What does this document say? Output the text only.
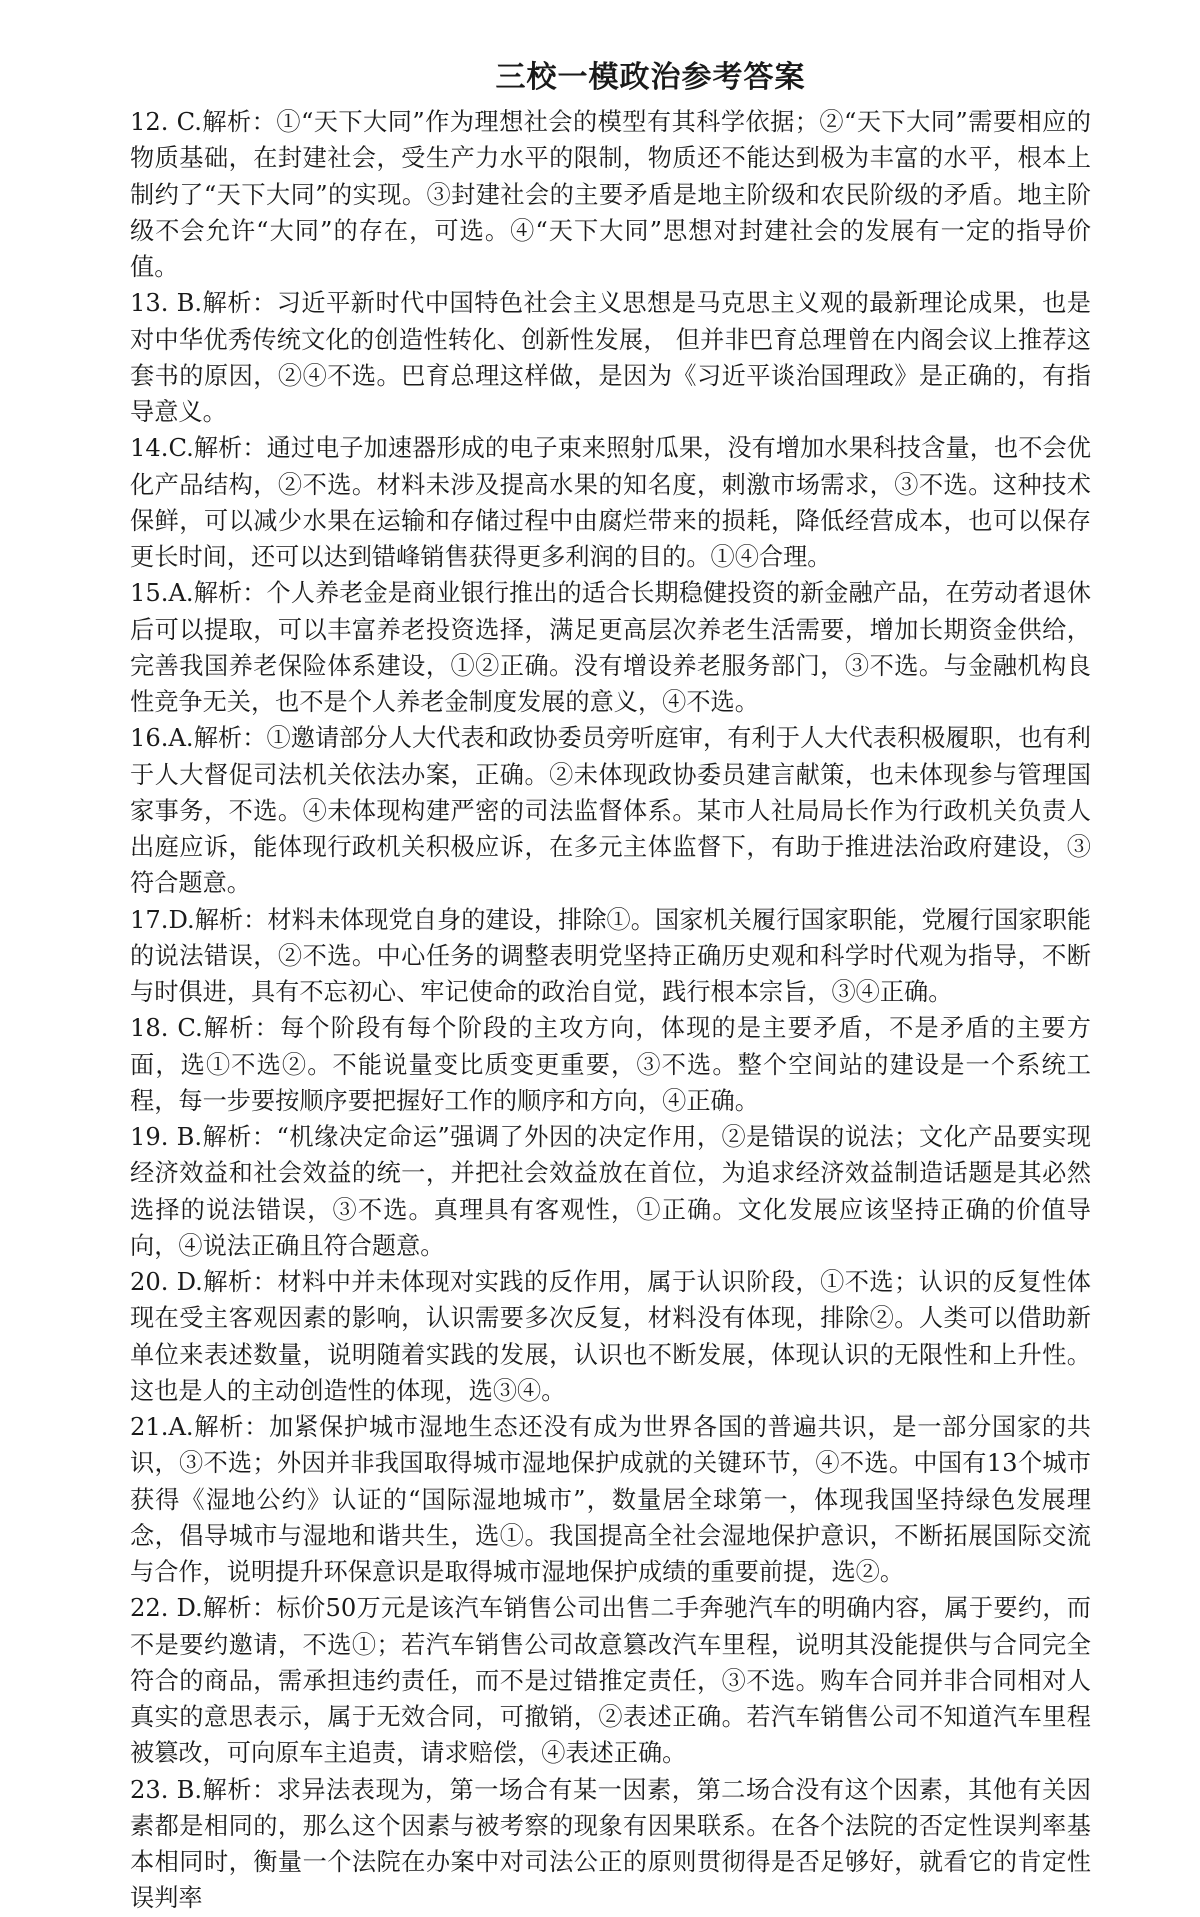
三校一模政治参考答案

12. C.解析：①“天下大同”作为理想社会的模型有其科学依据；②“天下大同”需要相应的物质基础，在封建社会，受生产力水平的限制，物质还不能达到极为丰富的水平，根本上制约了“天下大同”的实现。③封建社会的主要矛盾是地主阶级和农民阶级的矛盾。地主阶级不会允许“大同”的存在，可选。④“天下大同”思想对封建社会的发展有一定的指导价值。

13. B.解析：习近平新时代中国特色社会主义思想是马克思主义观的最新理论成果，也是对中华优秀传统文化的创造性转化、创新性发展， 但并非巴育总理曾在内阁会议上推荐这套书的原因，②④不选。巴育总理这样做，是因为《习近平谈治国理政》是正确的，有指导意义。

14.C.解析：通过电子加速器形成的电子束来照射瓜果，没有增加水果科技含量，也不会优化产品结构，②不选。材料未涉及提高水果的知名度，刺激市场需求，③不选。这种技术保鲜，可以减少水果在运输和存储过程中由腐烂带来的损耗，降低经营成本，也可以保存更长时间，还可以达到错峰销售获得更多利润的目的。①④合理。

15.A.解析：个人养老金是商业银行推出的适合长期稳健投资的新金融产品，在劳动者退休后可以提取，可以丰富养老投资选择，满足更高层次养老生活需要，增加长期资金供给， 完善我国养老保险体系建设，①②正确。没有增设养老服务部门，③不选。与金融机构良性竞争无关，也不是个人养老金制度发展的意义，④不选。

16.A.解析：①邀请部分人大代表和政协委员旁听庭审，有利于人大代表积极履职，也有利于人大督促司法机关依法办案，正确。②未体现政协委员建言献策，也未体现参与管理国家事务，不选。④未体现构建严密的司法监督体系。某市人社局局长作为行政机关负责人出庭应诉，能体现行政机关积极应诉，在多元主体监督下，有助于推进法治政府建设，③符合题意。

17.D.解析：材料未体现党自身的建设，排除①。国家机关履行国家职能，党履行国家职能的说法错误，②不选。中心任务的调整表明党坚持正确历史观和科学时代观为指导，不断与时俱进，具有不忘初心、牢记使命的政治自觉，践行根本宗旨，③④正确。

18. C.解析：每个阶段有每个阶段的主攻方向，体现的是主要矛盾，不是矛盾的主要方面，选①不选②。不能说量变比质变更重要，③不选。整个空间站的建设是一个系统工程，每一步要按顺序要把握好工作的顺序和方向，④正确。

19. B.解析：“机缘决定命运”强调了外因的决定作用，②是错误的说法；文化产品要实现经济效益和社会效益的统一，并把社会效益放在首位，为追求经济效益制造话题是其必然选择的说法错误，③不选。真理具有客观性，①正确。文化发展应该坚持正确的价值导向，④说法正确且符合题意。

20. D.解析：材料中并未体现对实践的反作用，属于认识阶段，①不选；认识的反复性体现在受主客观因素的影响，认识需要多次反复，材料没有体现，排除②。人类可以借助新单位来表述数量，说明随着实践的发展，认识也不断发展，体现认识的无限性和上升性。这也是人的主动创造性的体现，选③④。

21.A.解析：加紧保护城市湿地生态还没有成为世界各国的普遍共识，是一部分国家的共识，③不选；外因并非我国取得城市湿地保护成就的关键环节，④不选。中国有13个城市获得《湿地公约》认证的“国际湿地城市”，数量居全球第一，体现我国坚持绿色发展理念，倡导城市与湿地和谐共生，选①。我国提高全社会湿地保护意识，不断拓展国际交流与合作，说明提升环保意识是取得城市湿地保护成绩的重要前提，选②。

22. D.解析：标价50万元是该汽车销售公司出售二手奔驰汽车的明确内容，属于要约，而不是要约邀请，不选①；若汽车销售公司故意篡改汽车里程，说明其没能提供与合同完全符合的商品，需承担违约责任，而不是过错推定责任，③不选。购车合同并非合同相对人真实的意思表示，属于无效合同，可撤销，②表述正确。若汽车销售公司不知道汽车里程被篡改，可向原车主追责，请求赔偿，④表述正确。

23. B.解析：求异法表现为，第一场合有某一因素，第二场合没有这个因素，其他有关因素都是相同的，那么这个因素与被考察的现象有因果联系。在各个法院的否定性误判率基本相同时，衡量一个法院在办案中对司法公正的原则贯彻得是否足够好，就看它的肯定性误判率
